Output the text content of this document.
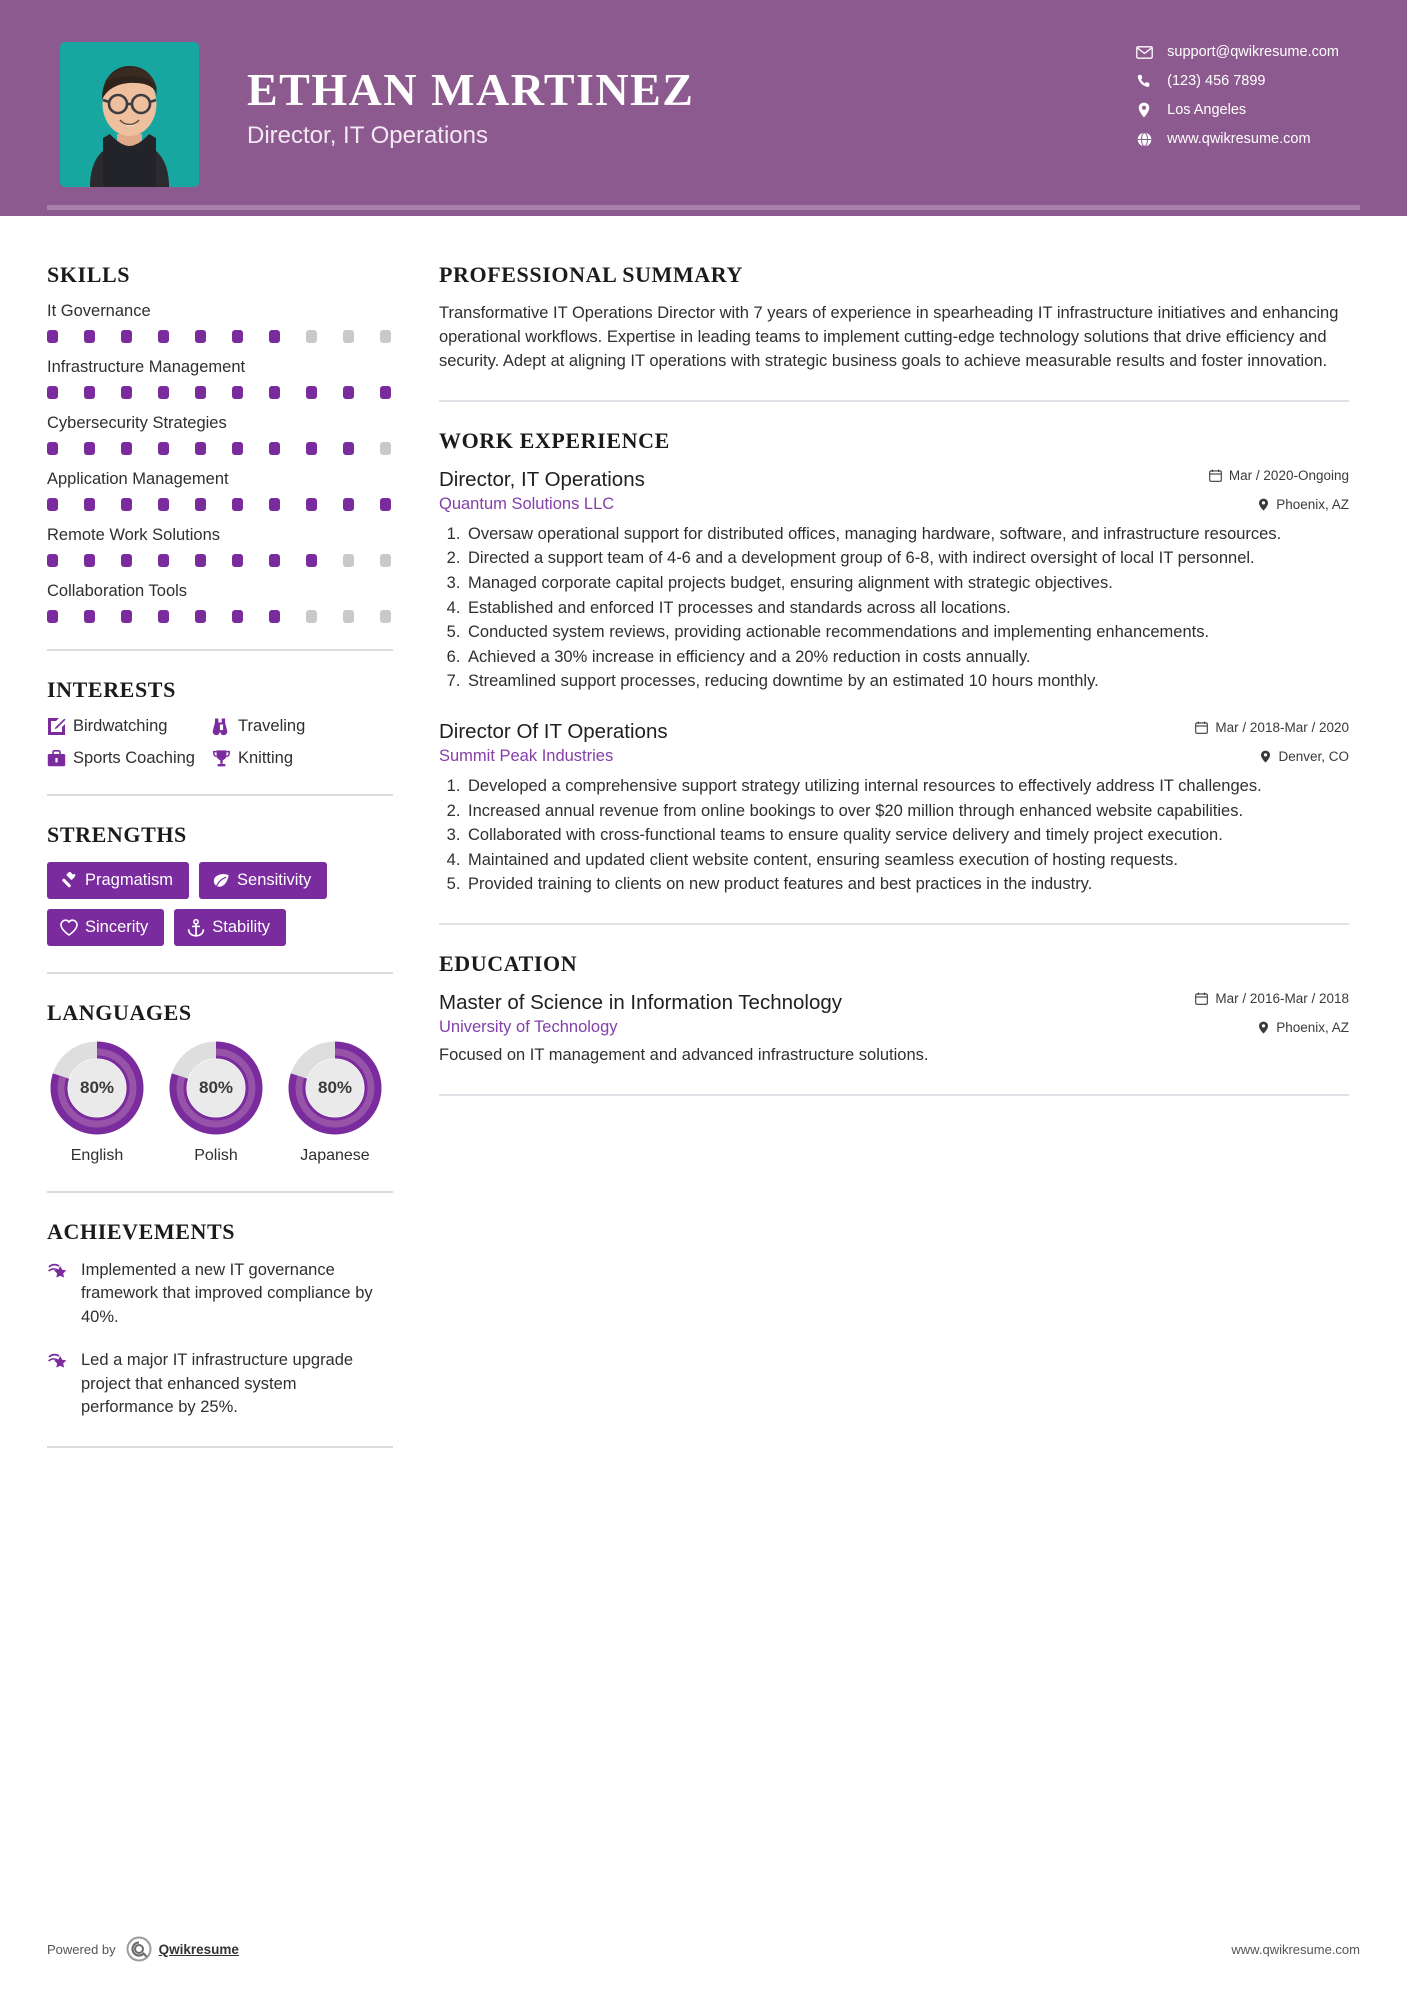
ETHAN MARTINEZ
Director, IT Operations
support@qwikresume.com
(123) 456 7899
Los Angeles
www.qwikresume.com
SKILLS
It Governance
Infrastructure Management
Cybersecurity Strategies
Application Management
Remote Work Solutions
Collaboration Tools
INTERESTS
Birdwatching	Traveling
Sports Coaching	Knitting
STRENGTHS
Pragmatism	Sensitivity
Sincerity	Stability
LANGUAGES
80%
English
80%
Polish
80%
Japanese
ACHIEVEMENTS
Implemented a new IT governance framework that improved compliance by 40%.
Led a major IT infrastructure upgrade project that enhanced system performance by 25%.
PROFESSIONAL SUMMARY

Transformative IT Operations Director with 7 years of experience in spearheading IT infrastructure initiatives and enhancing operational workflows. Expertise in leading teams to implement cutting-edge technology solutions that drive efficiency and security. Adept at aligning IT operations with strategic business goals to achieve measurable results and foster innovation.

WORK EXPERIENCE
Director, IT Operations	Mar / 2020-Ongoing
Quantum Solutions LLC	Phoenix, AZ
1. Oversaw operational support for distributed offices, managing hardware, software, and infrastructure resources.
2. Directed a support team of 4-6 and a development group of 6-8, with indirect oversight of local IT personnel.
3. Managed corporate capital projects budget, ensuring alignment with strategic objectives.
4. Established and enforced IT processes and standards across all locations.
5. Conducted system reviews, providing actionable recommendations and implementing enhancements.
6. Achieved a 30% increase in efficiency and a 20% reduction in costs annually.
7. Streamlined support processes, reducing downtime by an estimated 10 hours monthly.
Director Of IT Operations	Mar / 2018-Mar / 2020
Summit Peak Industries	Denver, CO
1. Developed a comprehensive support strategy utilizing internal resources to effectively address IT challenges.
2. Increased annual revenue from online bookings to over $20 million through enhanced website capabilities.
3. Collaborated with cross-functional teams to ensure quality service delivery and timely project execution.
4. Maintained and updated client website content, ensuring seamless execution of hosting requests.
5. Provided training to clients on new product features and best practices in the industry.
EDUCATION
Master of Science in Information Technology	Mar / 2016-Mar / 2018
University of Technology	Phoenix, AZ
Focused on IT management and advanced infrastructure solutions.
Powered by	Qwikresume	www.qwikresume.com
